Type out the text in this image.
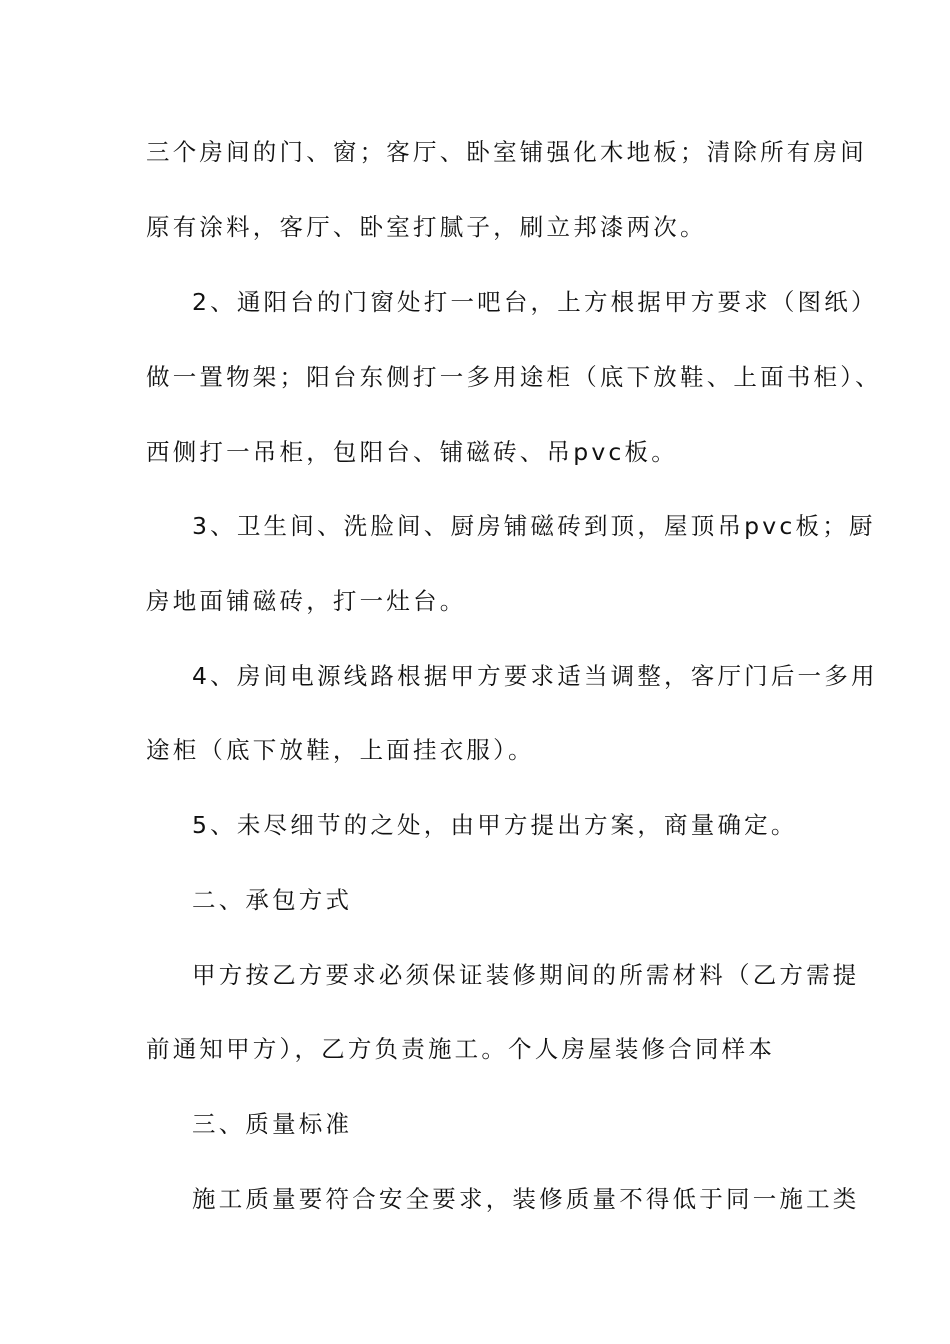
三个房间的门、窗；客厅、卧室铺强化木地板；清除所有房间
原有涂料，客厅、卧室打腻子，刷立邦漆两次。
2、通阳台的门窗处打一吧台，上方根据甲方要求（图纸）
做一置物架；阳台东侧打一多用途柜（底下放鞋、上面书柜）、
西侧打一吊柜，包阳台、铺磁砖、吊pvc板。
3、卫生间、洗脸间、厨房铺磁砖到顶，屋顶吊pvc板；厨
房地面铺磁砖，打一灶台。
4、房间电源线路根据甲方要求适当调整，客厅门后一多用
途柜（底下放鞋，上面挂衣服）。
5、未尽细节的之处，由甲方提出方案，商量确定。
二、承包方式
甲方按乙方要求必须保证装修期间的所需材料（乙方需提
前通知甲方），乙方负责施工。个人房屋装修合同样本
三、质量标准
施工质量要符合安全要求，装修质量不得低于同一施工类
